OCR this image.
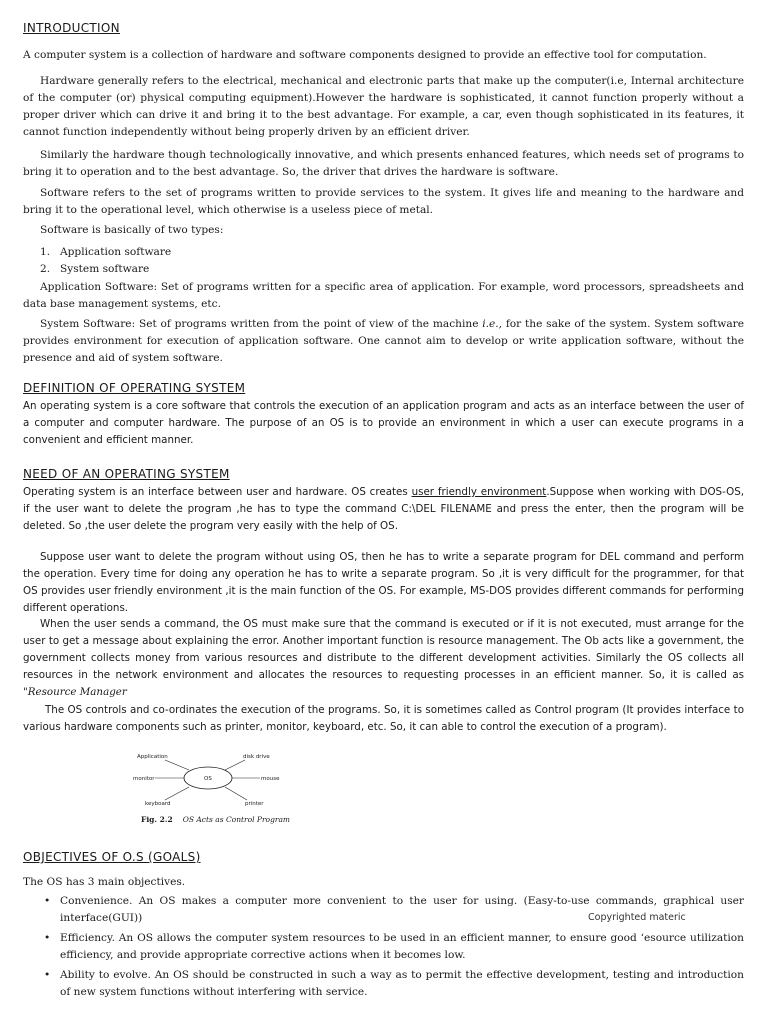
INTRODUCTION

A computer system is a collection of hardware and software components designed to provide an effective tool for computation.

Hardware generally refers to the electrical, mechanical and electronic parts that make up the computer(i.e, Internal architecture of the computer (or) physical computing equipment).However the hardware is sophisticated, it cannot function properly without a proper driver which can drive it and bring it to the best advantage. For example, a car, even though sophisticated in its features, it cannot function independently without being properly driven by an efficient driver.

Similarly the hardware though technologically innovative, and which presents enhanced features, which needs set of programs to bring it to operation and to the best advantage. So, the driver that drives the hardware is software.

Software refers to the set of programs written to provide services to the system. It gives life and meaning to the hardware and bring it to the operational level, which otherwise is a useless piece of metal.

Software is basically of two types:

1. Application software
2. System software

Application Software: Set of programs written for a specific area of application. For example, word processors, spreadsheets and data base management systems, etc.

System Software: Set of programs written from the point of view of the machine i.e., for the sake of the system. System software provides environment for execution of application software. One cannot aim to develop or write application software, without the presence and aid of system software.

DEFINITION OF OPERATING SYSTEM

An operating system is a core software that controls the execution of an application program and acts as an interface between the user of a computer and computer hardware. The purpose of an OS is to provide an environment in which a user can execute programs in a convenient and efficient manner.

NEED OF AN OPERATING SYSTEM

Operating system is an interface between user and hardware. OS creates user friendly environment.Suppose when working with DOS-OS, if the user want to delete the program ,he has to type the command C:\DEL FILENAME and press the enter, then the program will be deleted. So ,the user delete the program very easily with the help of OS.

Suppose user want to delete the program without using OS, then he has to write a separate program for DEL command and perform the operation. Every time for doing any operation he has to write a separate program. So ,it is very difficult for the programmer, for that OS provides user friendly environment ,it is the main function of the OS. For example, MS-DOS provides different commands for performing different operations.

When the user sends a command, the OS must make sure that the command is executed or if it is not executed, must arrange for the user to get a message about explaining the error. Another important function is resource management. The Ob acts like a government, the government collects money from various resources and distribute to the different development activities. Similarly the OS collects all resources in the network environment and allocates the resources to requesting processes in an efficient manner. So, it is called as "Resource Manager

The OS controls and co-ordinates the execution of the programs. So, it is sometimes called as Control program (It provides interface to various hardware components such as printer, monitor, keyboard, etc. So, it can able to control the execution of a program).

OS
Application	disk drive
monitor	mouse
keyboard	printer
Fig. 2.2 OS Acts as Control Program
OBJECTIVES OF O.S (GOALS)

The OS has 3 main objectives.

• Convenience. An OS makes a computer more convenient to the user for using. (Easy-to-use commands, graphical user interface(GUI))
• Efficiency. An OS allows the computer system resources to be used in an efficient manner, to ensure good ‘esource utilization efficiency, and provide appropriate corrective actions when it becomes low.
• Ability to evolve. An OS should be constructed in such a way as to permit the effective development, testing and introduction of new system functions without interfering with service.
Copyrighted materic
